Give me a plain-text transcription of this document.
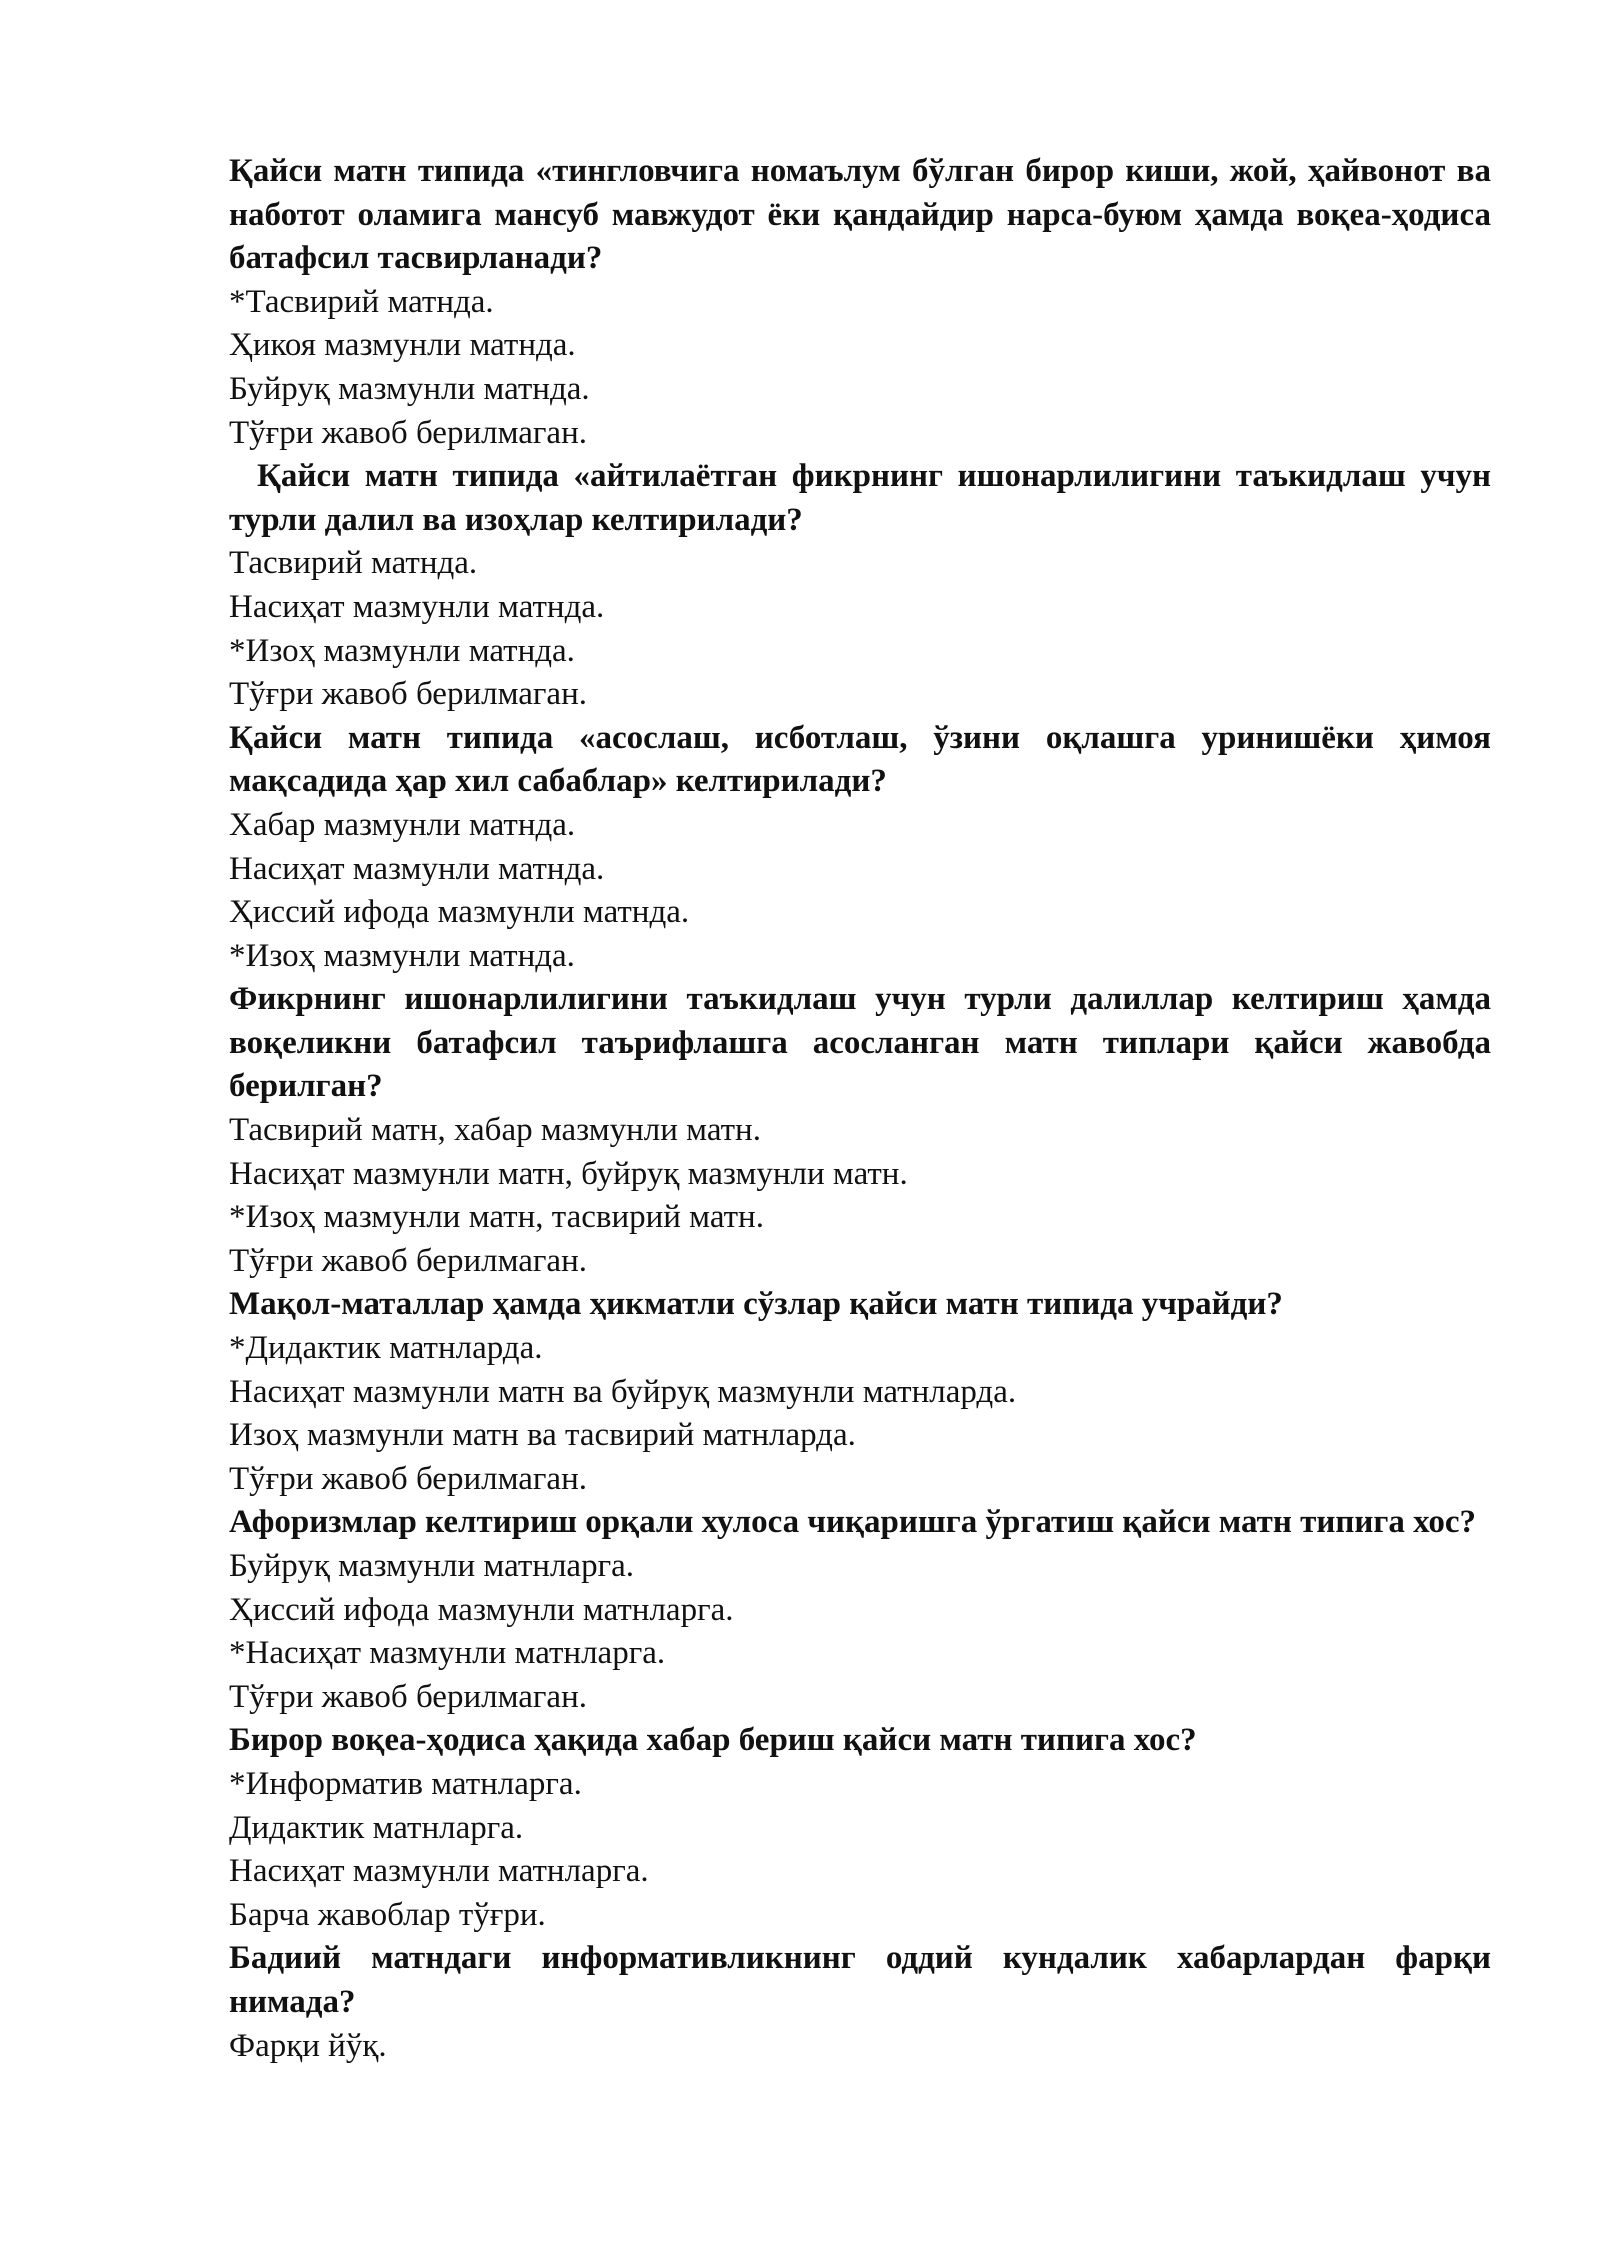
Қайси матн типида «тингловчига номаълум бўлган бирор киши, жой, ҳайвонот ва наботот оламига мансуб мавжудот ёки қандайдир нарса-буюм ҳамда воқеа-ҳодиса батафсил тасвирланади?

*Тасвирий матнда.

Ҳикоя мазмунли матнда.

Буйруқ мазмунли матнда.

Тўғри жавоб берилмаган.

Қайси матн типида «айтилаётган фикрнинг ишонарлилигини таъкидлаш учун турли далил ва изоҳлар келтирилади?

Тасвирий матнда.

Насиҳат мазмунли матнда.

*Изоҳ мазмунли матнда.

Тўғри жавоб берилмаган.

Қайси матн типида «асослаш, исботлаш, ўзини оқлашга уринишёки ҳимоя мақсадида ҳар хил сабаблар» келтирилади?

Хабар мазмунли матнда.

Насиҳат мазмунли матнда.

Ҳиссий ифода мазмунли матнда.

*Изоҳ мазмунли матнда.

Фикрнинг ишонарлилигини таъкидлаш учун турли далиллар келтириш ҳамда воқеликни батафсил таърифлашга асосланган матн типлари қайси жавобда берилган?

Тасвирий матн, хабар мазмунли матн.

Насиҳат мазмунли матн, буйруқ мазмунли матн.

*Изоҳ мазмунли матн, тасвирий матн.

Тўғри жавоб берилмаган.

Мақол-маталлар ҳамда ҳикматли сўзлар қайси матн типида учрайди?

*Дидактик матнларда.

Насиҳат мазмунли матн ва буйруқ мазмунли матнларда.

Изоҳ мазмунли матн ва тасвирий матнларда.

Тўғри жавоб берилмаган.

Афоризмлар келтириш орқали хулоса чиқаришга ўргатиш қайси матн типига хос?

Буйруқ мазмунли матнларга.

Ҳиссий ифода мазмунли матнларга.

*Насиҳат мазмунли матнларга.

Тўғри жавоб берилмаган.

Бирор воқеа-ҳодиса ҳақида хабар бериш қайси матн типига хос?

*Информатив матнларга.

Дидактик матнларга.

Насиҳат мазмунли матнларга.

Барча жавоблар тўғри.

Бадиий матндаги информативликнинг оддий кундалик хабарлардан фарқи нимада?

Фарқи йўқ.
